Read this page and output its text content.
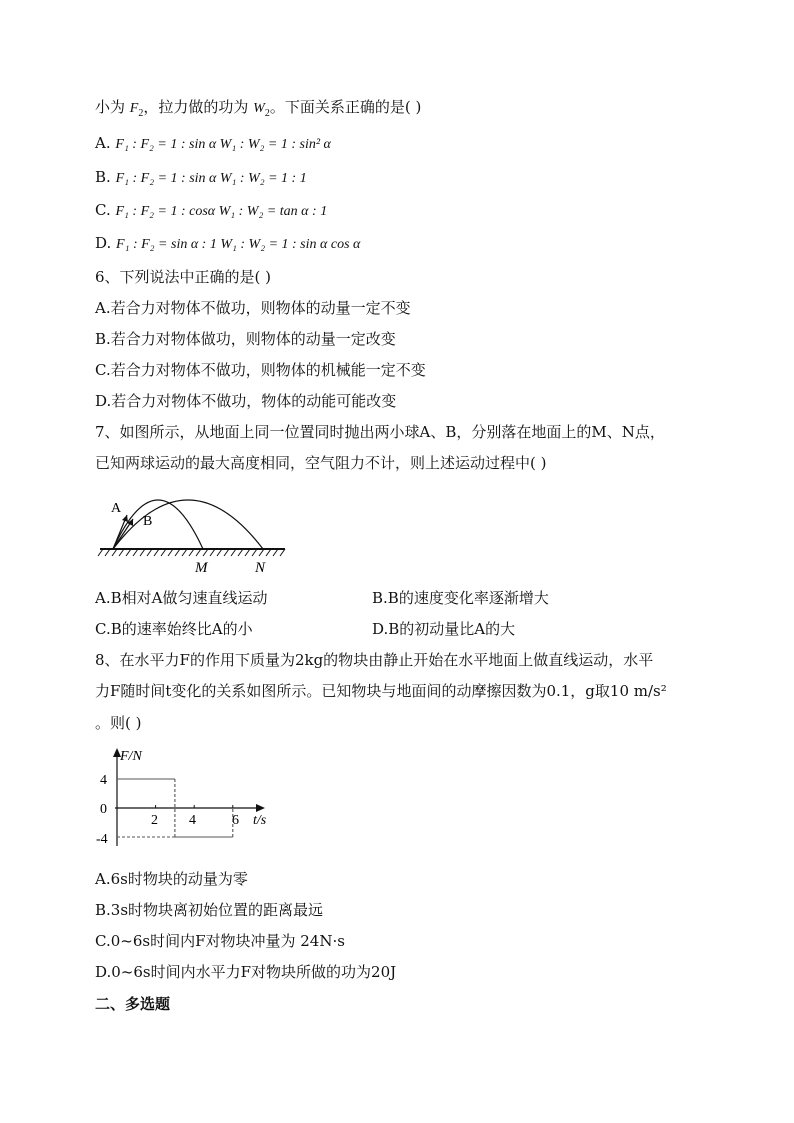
小为 $F_2$，拉力做的功为 $W_2$。下面关系正确的是( )
A. F₁ : F₂ = 1 : sin α W₁ : W₂ = 1 : sin² α
B. F₁ : F₂ = 1 : sin α W₁ : W₂ = 1 : 1
C. F₁ : F₂ = 1 : cosα W₁ : W₂ = tan α : 1
D. F₁ : F₂ = sin α : 1 W₁ : W₂ = 1 : sin α cos α
6、下列说法中正确的是( )
A.若合力对物体不做功，则物体的动量一定不变
B.若合力对物体做功，则物体的动量一定改变
C.若合力对物体不做功，则物体的机械能一定不变
D.若合力对物体不做功，物体的动能可能改变
7、如图所示，从地面上同一位置同时抛出两小球A、B，分别落在地面上的M、N点，
已知两球运动的最大高度相同，空气阻力不计，则上述运动过程中( )
A
B
M	N
A.B相对A做匀速直线运动	B.B的速度变化率逐渐增大
C.B的速率始终比A的小	D.B的初动量比A的大
8、在水平力F的作用下质量为2kg的物块由静止开始在水平地面上做直线运动，水平
力F随时间t变化的关系如图所示。已知物块与地面间的动摩擦因数为0.1，g取10 m/s²
。则( )
F/N
t/s
4
0
-4
2 4	6
A.6s时物块的动量为零
B.3s时物块离初始位置的距离最远
C.0~6s时间内F对物块冲量为 24N·s
D.0~6s时间内水平力F对物块所做的功为20J
二、多选题
